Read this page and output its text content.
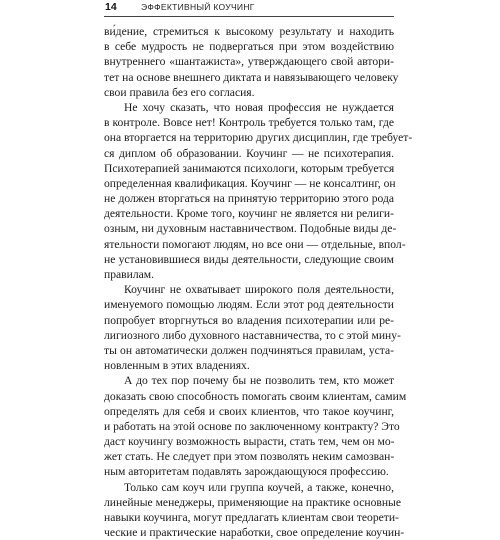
14	ЭФФЕКТИВНЫЙ КОУЧИНГ
ви́дение, стремиться к высокому результату и находить
в себе мудрость не подвергаться при этом воздействию
внутреннего «шантажиста», утверждающего свой автори-
тет на основе внешнего диктата и навязывающего человеку
свои правила без его согласия.
Не хочу сказать, что новая профессия не нуждается
в контроле. Вовсе нет! Контроль требуется только там, где
она вторгается на территорию других дисциплин, где требует-
ся диплом об образовании. Коучинг — не психотерапия.
Психотерапией занимаются психологи, которым требуется
определенная квалификация. Коучинг — не консалтинг, он
не должен вторгаться на принятую территорию этого рода
деятельности. Кроме того, коучинг не является ни религи-
озным, ни духовным наставничеством. Подобные виды де-
ятельности помогают людям, но все они — отдельные, впол-
не установившиеся виды деятельности, следующие своим
правилам.
Коучинг не охватывает широкого поля деятельности,
именуемого помощью людям. Если этот род деятельности
попробует вторгнуться во владения психотерапии или ре-
лигиозного либо духовного наставничества, то с этой мину-
ты он автоматически должен подчиняться правилам, уста-
новленным в этих владениях.
А до тех пор почему бы не позволить тем, кто может
доказать свою способность помогать своим клиентам, самим
определять для себя и своих клиентов, что такое коучинг,
и работать на этой основе по заключенному контракту? Это
даст коучингу возможность вырасти, стать тем, чем он мо-
жет стать. Не следует при этом позволять неким самозван-
ным авторитетам подавлять зарождающуюся профессию.
Только сам коуч или группа коучей, а также, конечно,
линейные менеджеры, применяющие на практике основные
навыки коучинга, могут предлагать клиентам свои теорети-
ческие и практические наработки, свое определение коучин-
